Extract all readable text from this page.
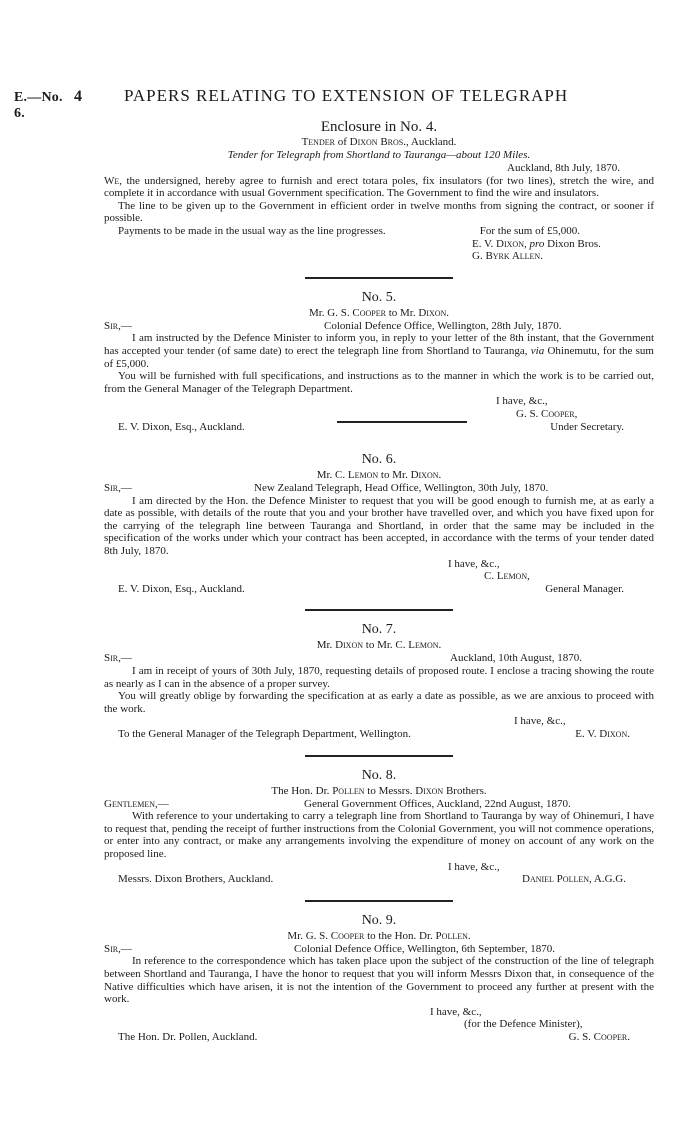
E.—No. 6.
4	PAPERS RELATING TO EXTENSION OF TELEGRAPH
Enclosure in No. 4.
Tender of Dixon Bros., Auckland.
Tender for Telegraph from Shortland to Tauranga—about 120 Miles.
Auckland, 8th July, 1870.

We, the undersigned, hereby agree to furnish and erect totara poles, fix insulators (for two lines), stretch the wire, and complete it in accordance with usual Government specification. The Government to find the wire and insulators.

The line to be given up to the Government in efficient order in twelve months from signing the contract, or sooner if possible.

Payments to be made in the usual way as the line progresses.	For the sum of £5,000.
E. V. Dixon, pro Dixon Bros.
G. Byrk Allen.
No. 5.
Mr. G. S. Cooper to Mr. Dixon.
Sir,—	Colonial Defence Office, Wellington, 28th July, 1870.

I am instructed by the Defence Minister to inform you, in reply to your letter of the 8th instant, that the Government has accepted your tender (of same date) to erect the telegraph line from Shortland to Tauranga, via Ohinemutu, for the sum of £5,000.

You will be furnished with full specifications, and instructions as to the manner in which the work is to be carried out, from the General Manager of the Telegraph Department.

I have, &c.,
G. S. Cooper,
E. V. Dixon, Esq., Auckland.	Under Secretary.
No. 6.
Mr. C. Lemon to Mr. Dixon.
Sir,—	New Zealand Telegraph, Head Office, Wellington, 30th July, 1870.

I am directed by the Hon. the Defence Minister to request that you will be good enough to furnish me, at as early a date as possible, with details of the route that you and your brother have travelled over, and which you have fixed upon for the carrying of the telegraph line between Tauranga and Shortland, in order that the same may be included in the specification of the works under which your contract has been accepted, in accordance with the terms of your tender dated 8th July, 1870.

I have, &c.,
C. Lemon,
E. V. Dixon, Esq., Auckland.	General Manager.
No. 7.
Mr. Dixon to Mr. C. Lemon.
Sir,—	Auckland, 10th August, 1870.

I am in receipt of yours of 30th July, 1870, requesting details of proposed route. I enclose a tracing showing the route as nearly as I can in the absence of a proper survey.

You will greatly oblige by forwarding the specification at as early a date as possible, as we are anxious to proceed with the work.

I have, &c.,
To the General Manager of the Telegraph Department, Wellington.	E. V. Dixon.
No. 8.
The Hon. Dr. Pollen to Messrs. Dixon Brothers.
Gentlemen,—	General Government Offices, Auckland, 22nd August, 1870.

With reference to your undertaking to carry a telegraph line from Shortland to Tauranga by way of Ohinemuri, I have to request that, pending the receipt of further instructions from the Colonial Government, you will not commence operations, or enter into any contract, or make any arrangements involving the expenditure of money on account of any work on the proposed line.

I have, &c.,
Messrs. Dixon Brothers, Auckland.	Daniel Pollen, A.G.G.
No. 9.
Mr. G. S. Cooper to the Hon. Dr. Pollen.
Sir,—	Colonial Defence Office, Wellington, 6th September, 1870.

In reference to the correspondence which has taken place upon the subject of the construction of the line of telegraph between Shortland and Tauranga, I have the honor to request that you will inform Messrs Dixon that, in consequence of the Native difficulties which have arisen, it is not the intention of the Government to proceed any further at present with the work.

I have, &c.,
(for the Defence Minister),
The Hon. Dr. Pollen, Auckland.	G. S. Cooper.
